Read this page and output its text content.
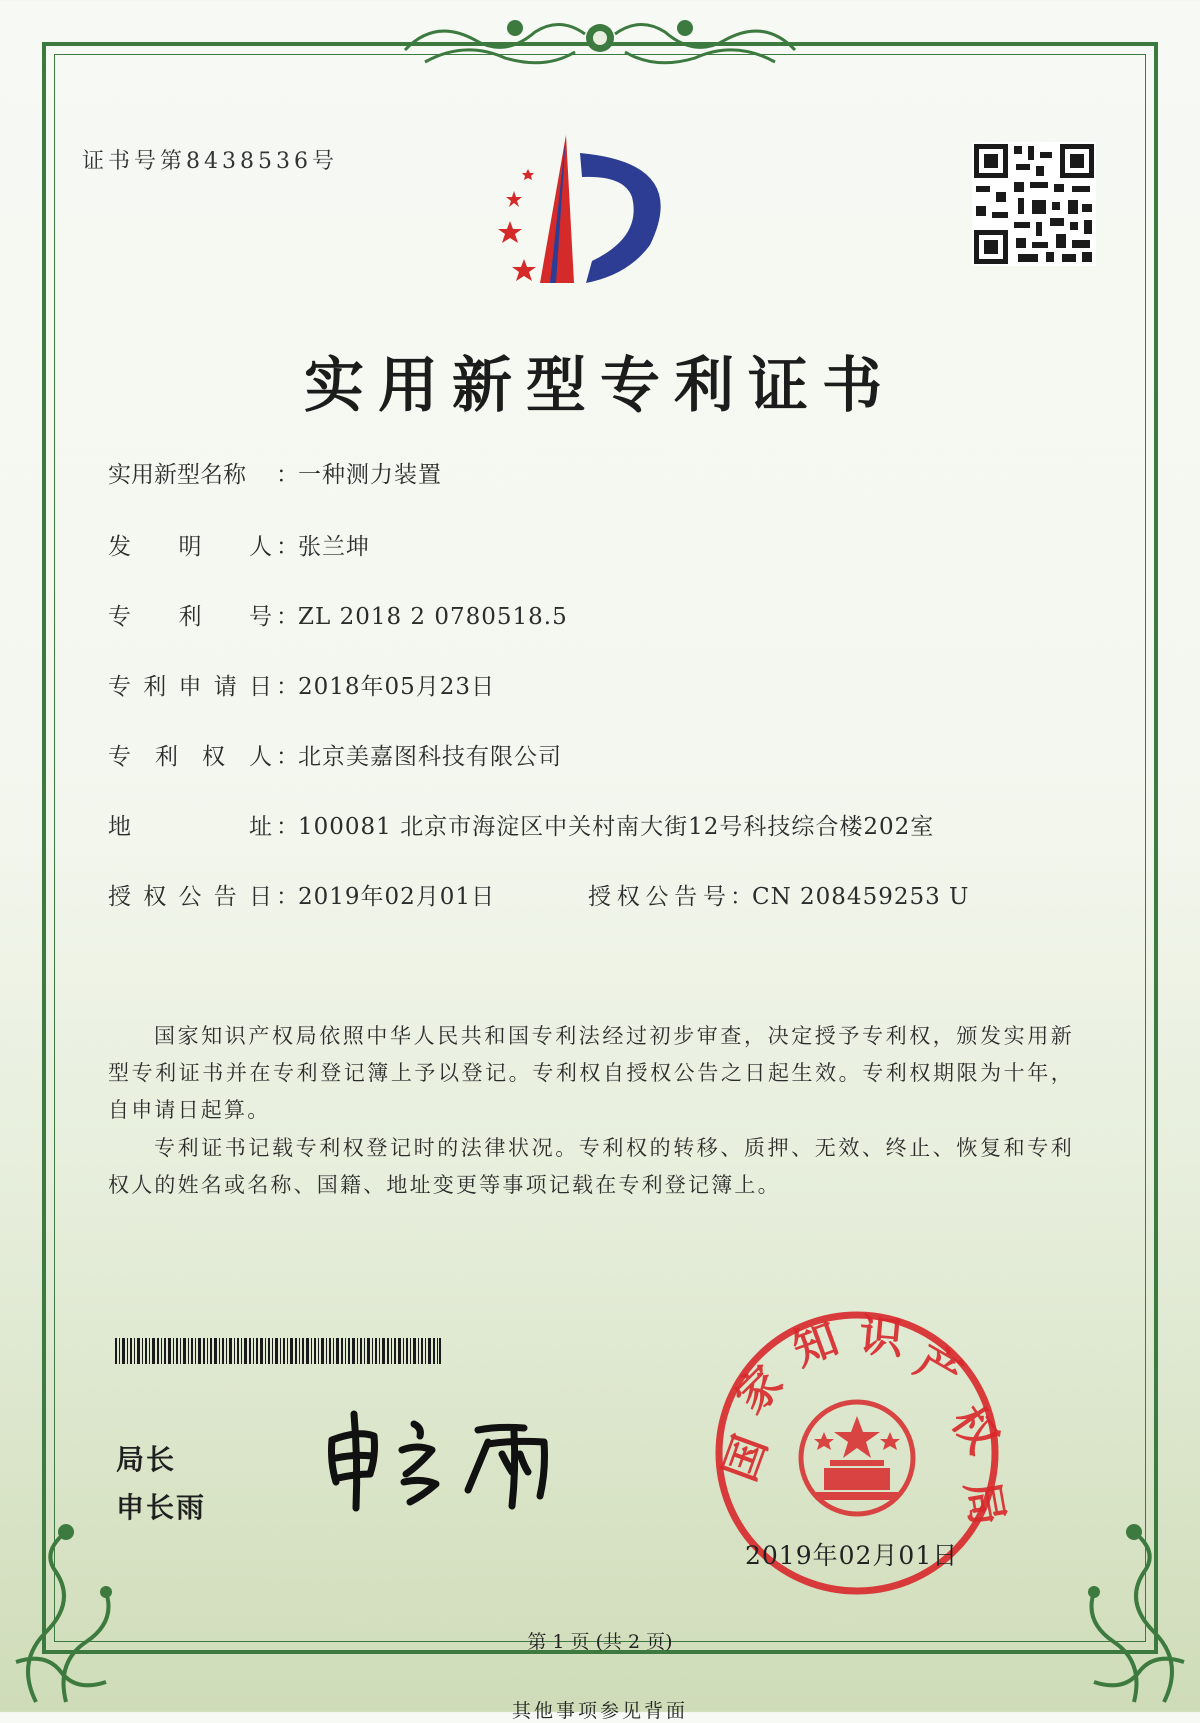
证书号第8438536号
实用新型专利证书
实用新型名称 ：一种测力装置
发明人：张兰坤
专利号：ZL 2018 2 0780518.5
专利申请日：2018年05月23日
专利权人：北京美嘉图科技有限公司
地址：100081 北京市海淀区中关村南大街12号科技综合楼202室
授权公告日：2019年02月01日	授权公告号：CN 208459253 U
国家知识产权局依照中华人民共和国专利法经过初步审查，决定授予专利权，颁发实用新型专利证书并在专利登记簿上予以登记。专利权自授权公告之日起生效。专利权期限为十年，自申请日起算。
专利证书记载专利权登记时的法律状况。专利权的转移、质押、无效、终止、恢复和专利权人的姓名或名称、国籍、地址变更等事项记载在专利登记簿上。
局长
申长雨
国
家
知 识 产
权
局
2019年02月01日
第 1 页 (共 2 页)
其他事项参见背面
